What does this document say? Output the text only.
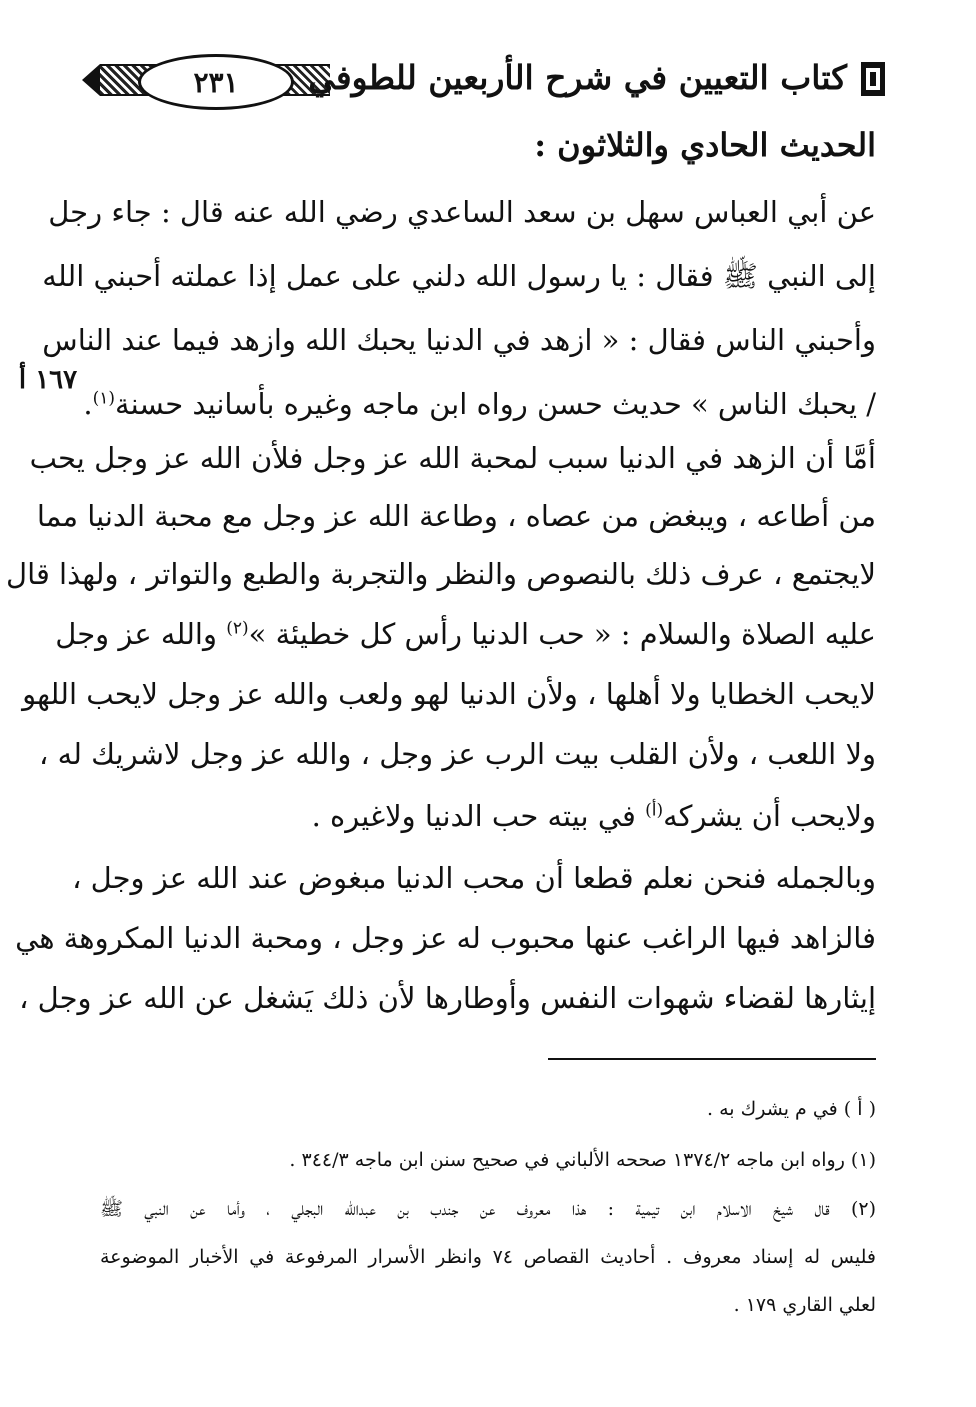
٢٣١	كتاب التعيين في شرح الأربعين للطوفي
الحديث الحادي والثلاثون :
١٦٧ أ
عن أبي العباس سهل بن سعد الساعدي رضي الله عنه قال : جاء رجل
إلى النبي ﷺ فقال : يا رسول الله دلني على عمل إذا عملته أحبني الله
وأحبني الناس فقال : « ازهد في الدنيا يحبك الله وازهد فيما عند الناس
/ يحبك الناس » حديث حسن رواه ابن ماجه وغيره بأسانيد حسنة$^{(١)}$.
أمَّا أن الزهد في الدنيا سبب لمحبة الله عز وجل فلأن الله عز وجل يحب
من أطاعه ، ويبغض من عصاه ، وطاعة الله عز وجل مع محبة الدنيا مما
لايجتمع ، عرف ذلك بالنصوص والنظر والتجربة والطبع والتواتر ، ولهذا قال
عليه الصلاة والسلام : « حب الدنيا رأس كل خطيئة »$^{(٢)}$ والله عز وجل
لايحب الخطايا ولا أهلها ، ولأن الدنيا لهو ولعب والله عز وجل لايحب اللهو
ولا اللعب ، ولأن القلب بيت الرب عز وجل ، والله عز وجل لاشريك له ،
ولايحب أن يشركه$^{(أ)}$ في بيته حب الدنيا ولاغيره .
وبالجمله فنحن نعلم قطعا أن محب الدنيا مبغوض عند الله عز وجل ،
فالزاهد فيها الراغب عنها محبوب له عز وجل ، ومحبة الدنيا المكروهة هي
إيثارها لقضاء شهوات النفس وأوطارها لأن ذلك يَشغل عن الله عز وجل ،
( أ ) في م يشرك به .
(١) رواه ابن ماجه ١٣٧٤/٢ صححه الألباني في صحيح سنن ابن ماجه ٣٤٤/٣ .
(٢) قال شيخ الاسلام ابن تيمية : هذا معروف عن جندب بن عبدالله البجلي ، وأما عن النبي ﷺ
فليس له إسناد معروف . أحاديث القصاص ٧٤ وانظر الأسرار المرفوعة في الأخبار الموضوعة
لعلي القاري ١٧٩ .
